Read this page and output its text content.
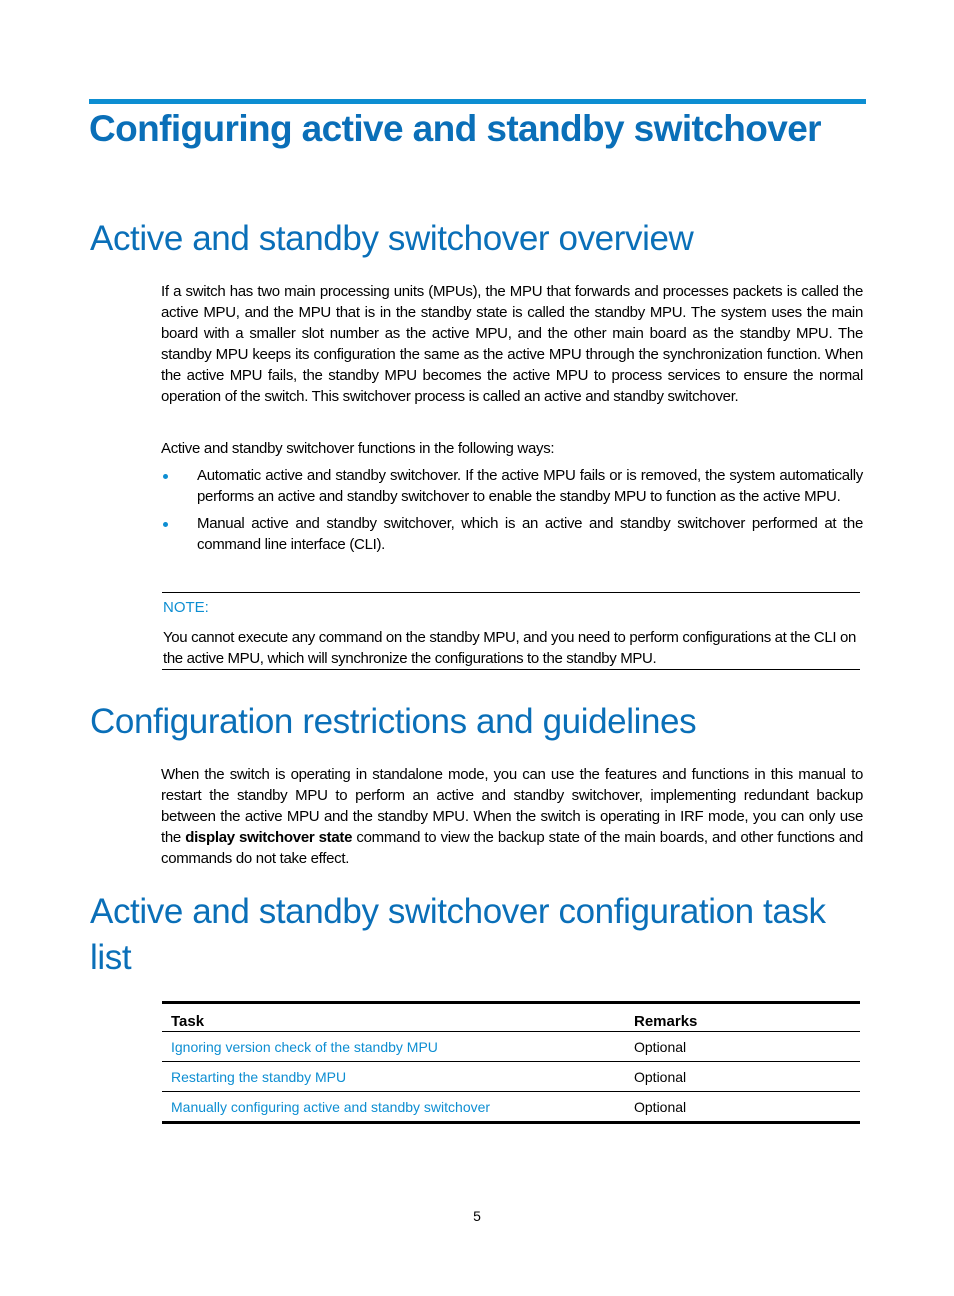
Configuring active and standby switchover
Active and standby switchover overview

If a switch has two main processing units (MPUs), the MPU that forwards and processes packets is called the active MPU, and the MPU that is in the standby state is called the standby MPU. The system uses the main board with a smaller slot number as the active MPU, and the other main board as the standby MPU. The standby MPU keeps its configuration the same as the active MPU through the synchronization function. When the active MPU fails, the standby MPU becomes the active MPU to process services to ensure the normal operation of the switch. This switchover process is called an active and standby switchover.

Active and standby switchover functions in the following ways:

Automatic active and standby switchover. If the active MPU fails or is removed, the system automatically performs an active and standby switchover to enable the standby MPU to function as the active MPU.
Manual active and standby switchover, which is an active and standby switchover performed at the command line interface (CLI).
NOTE:
You cannot execute any command on the standby MPU, and you need to perform configurations at the CLI on the active MPU, which will synchronize the configurations to the standby MPU.
Configuration restrictions and guidelines

When the switch is operating in standalone mode, you can use the features and functions in this manual to restart the standby MPU to perform an active and standby switchover, implementing redundant backup between the active MPU and the standby MPU. When the switch is operating in IRF mode, you can only use the display switchover state command to view the backup state of the main boards, and other functions and commands do not take effect.

Active and standby switchover configuration task list
Task	Remarks
Ignoring version check of the standby MPU	Optional
Restarting the standby MPU	Optional
Manually configuring active and standby switchover	Optional
5
